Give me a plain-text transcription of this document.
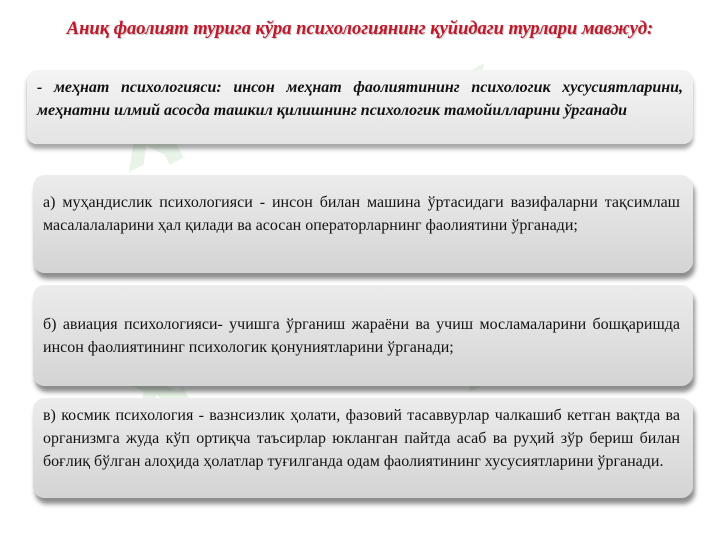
Аниқ фаолият турига кўра психологиянинг қуйидаги турлари мавжуд:
- меҳнат психологияси: инсон меҳнат фаолиятининг психологик хусусиятларини, меҳнатни илмий асосда ташкил қилишнинг психологик тамойилларини ўрганади
а) муҳандислик психологияси - инсон билан машина ўртасидаги вазифаларни тақсимлаш масалалаларини ҳал қилади ва асосан операторларнинг фаолиятини ўрганади;
б) авиация психологияси- учишга ўрганиш жараёни ва учиш мосламаларини бошқаришда инсон фаолиятининг психологик қонуниятларини ўрганади;
в) космик психология - вазнсизлик ҳолати, фазовий тасаввурлар чалкашиб кетган вақтда ва организмга жуда кўп ортиқча таъсирлар юкланган пайтда асаб ва руҳий зўр бериш билан боғлиқ бўлган алоҳида ҳолатлар туғилганда одам фаолиятининг хусусиятларини ўрганади.
